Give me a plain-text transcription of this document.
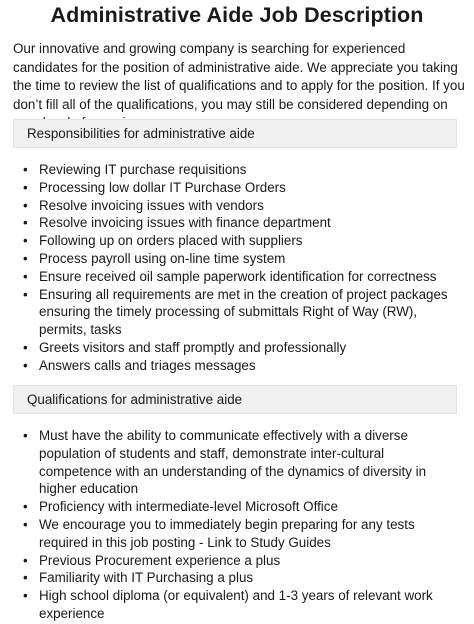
Administrative Aide Job Description

Our innovative and growing company is searching for experienced candidates for the position of administrative aide. We appreciate you taking the time to review the list of qualifications and to apply for the position. If you don’t fill all of the qualifications, you may still be considered depending on

Responsibilities for administrative aide
• Reviewing IT purchase requisitions
• Processing low dollar IT Purchase Orders
• Resolve invoicing issues with vendors
• Resolve invoicing issues with finance department
• Following up on orders placed with suppliers
• Process payroll using on-line time system
• Ensure received oil sample paperwork identification for correctness
• Ensuring all requirements are met in the creation of project packages ensuring the timely processing of submittals Right of Way (RW), permits, tasks
• Greets visitors and staff promptly and professionally
• Answers calls and triages messages
Qualifications for administrative aide
• Must have the ability to communicate effectively with a diverse population of students and staff, demonstrate inter-cultural competence with an understanding of the dynamics of diversity in higher education
• Proficiency with intermediate-level Microsoft Office
• We encourage you to immediately begin preparing for any tests required in this job posting - Link to Study Guides
• Previous Procurement experience a plus
• Familiarity with IT Purchasing a plus
• High school diploma (or equivalent) and 1-3 years of relevant work experience
